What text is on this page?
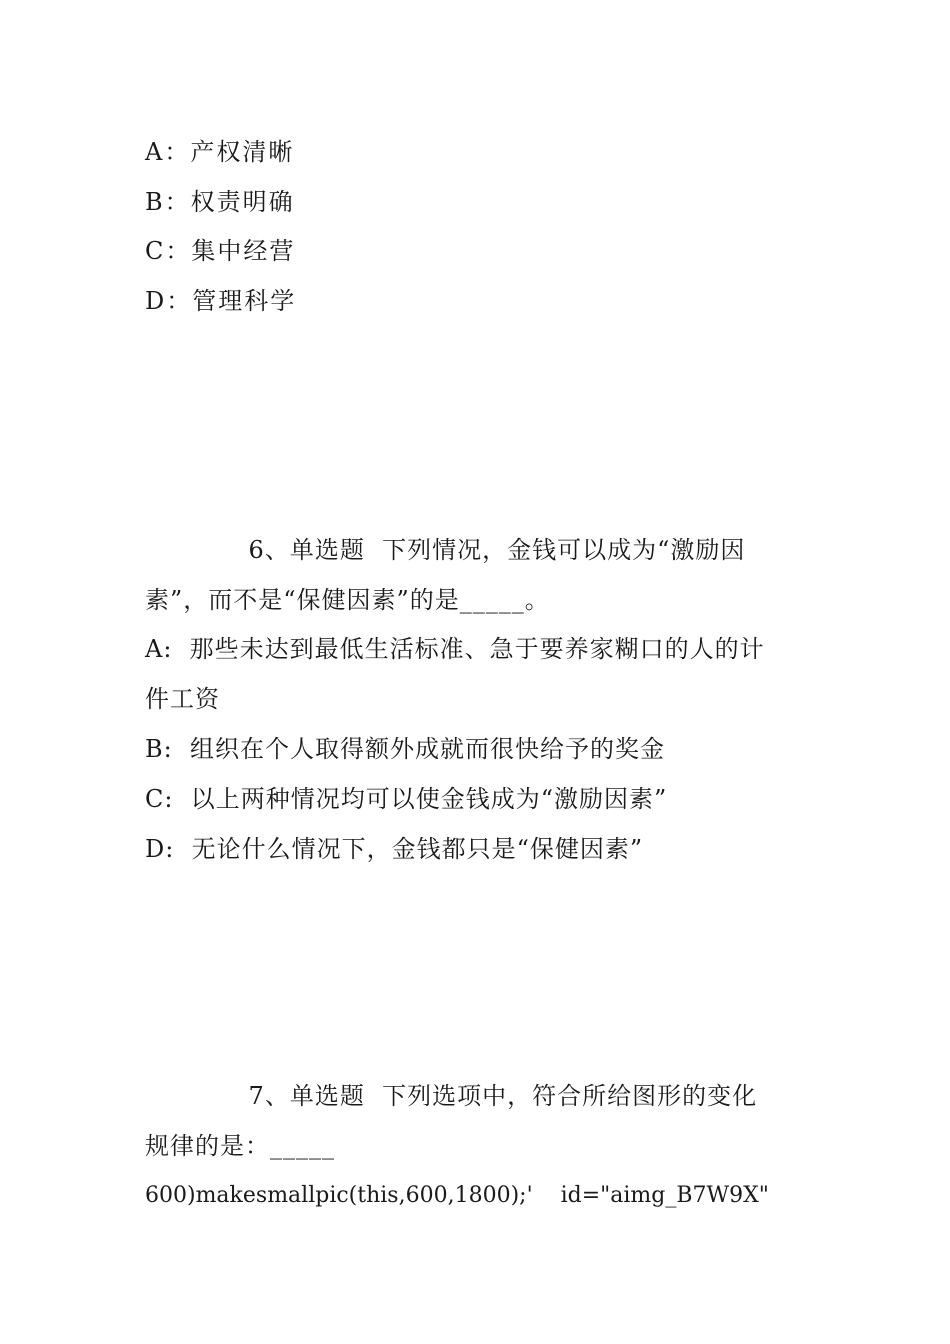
A：产权清晰
B：权责明确
C：集中经营
D：管理科学
6、单选题  下列情况，金钱可以成为“激励因
素”，而不是“保健因素”的是_____。
A:  那些未达到最低生活标准、急于要养家糊口的人的计
件工资
B:  组织在个人取得额外成就而很快给予的奖金
C:  以上两种情况均可以使金钱成为“激励因素”
D:  无论什么情况下，金钱都只是“保健因素”
7、单选题  下列选项中，符合所给图形的变化
规律的是：_____
600)makesmallpic(this,600,1800);'    id="aimg_B7W9X"
